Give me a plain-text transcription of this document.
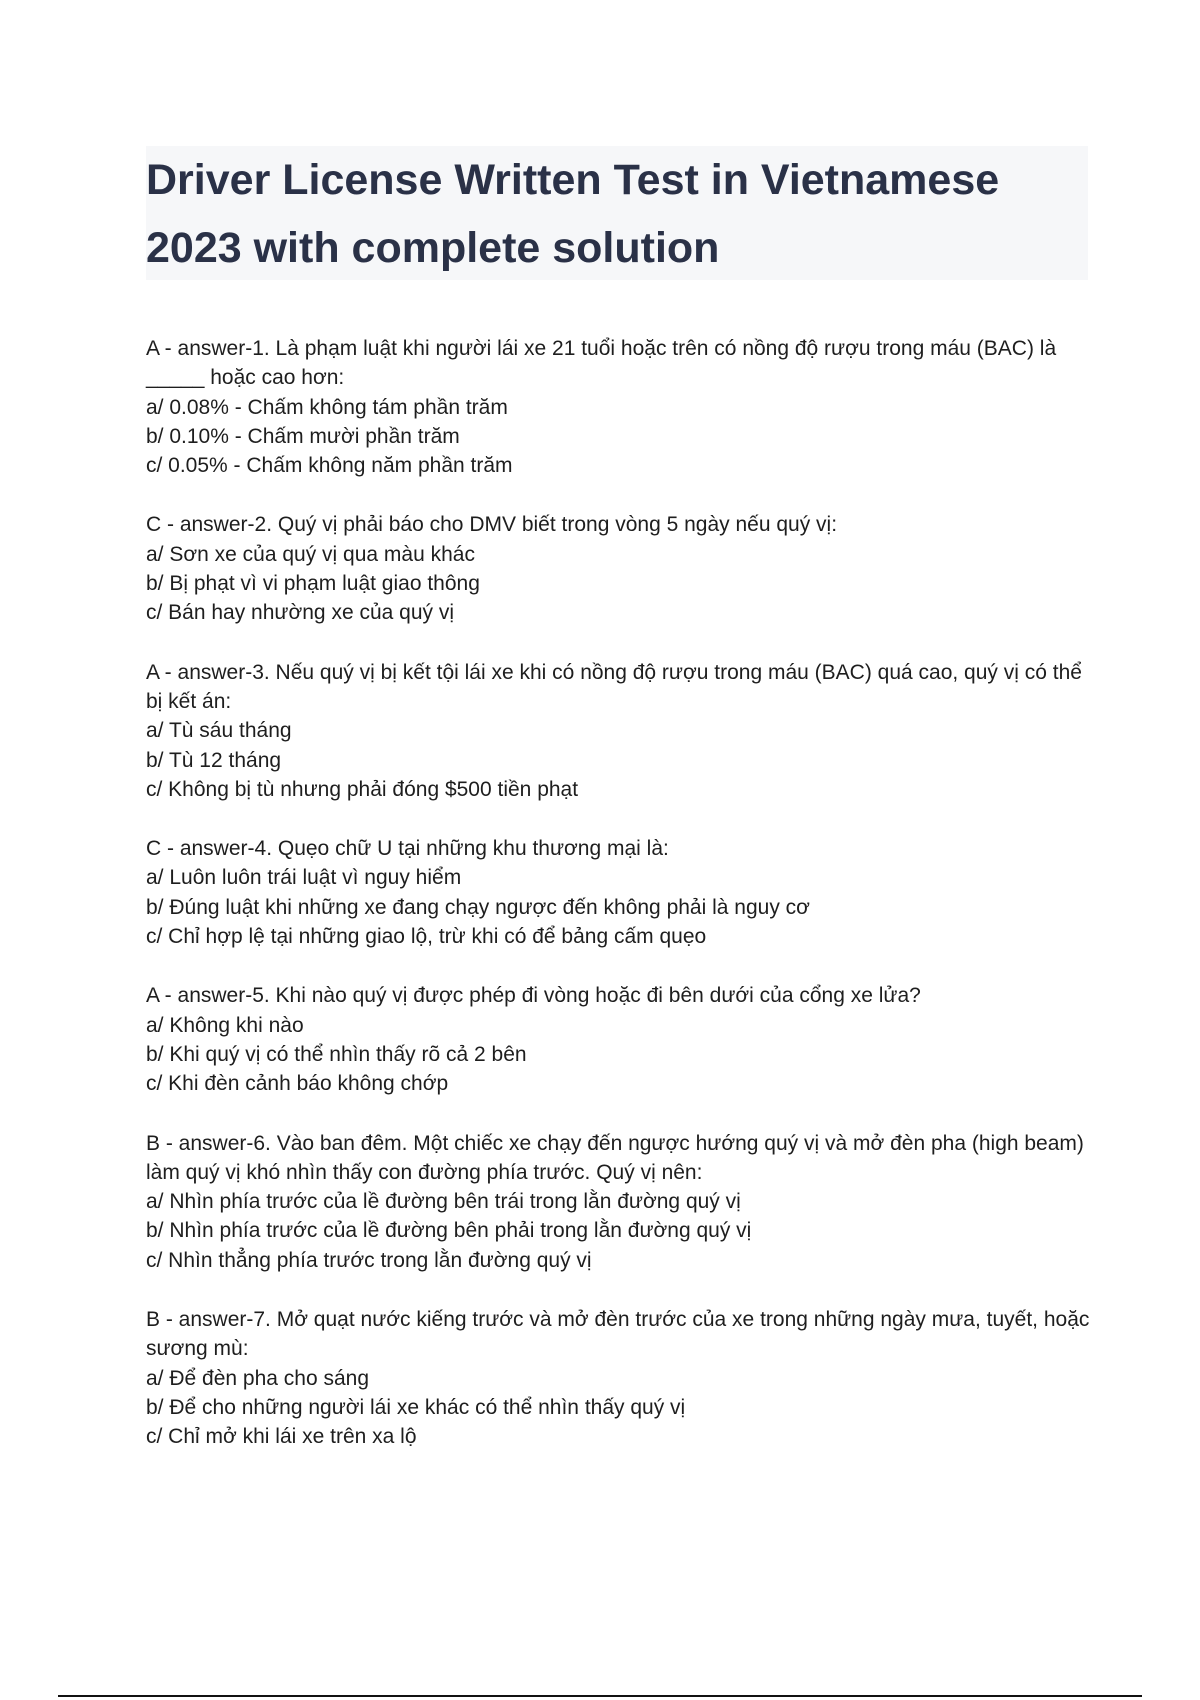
Driver License Written Test in Vietnamese 2023 with complete solution

A - answer-1. Là phạm luật khi người lái xe 21 tuổi hoặc trên có nồng độ rượu trong máu (BAC) là _____ hoặc cao hơn:

a/ 0.08% - Chấm không tám phần trăm

b/ 0.10% - Chấm mười phần trăm

c/ 0.05% - Chấm không năm phần trăm

C - answer-2. Quý vị phải báo cho DMV biết trong vòng 5 ngày nếu quý vị:

a/ Sơn xe của quý vị qua màu khác

b/ Bị phạt vì vi phạm luật giao thông

c/ Bán hay nhường xe của quý vị

A - answer-3. Nếu quý vị bị kết tội lái xe khi có nồng độ rượu trong máu (BAC) quá cao, quý vị có thể bị kết án:

a/ Tù sáu tháng

b/ Tù 12 tháng

c/ Không bị tù nhưng phải đóng $500 tiền phạt

C - answer-4. Quẹo chữ U tại những khu thương mại là:

a/ Luôn luôn trái luật vì nguy hiểm

b/ Đúng luật khi những xe đang chạy ngược đến không phải là nguy cơ

c/ Chỉ hợp lệ tại những giao lộ, trừ khi có để bảng cấm quẹo

A - answer-5. Khi nào quý vị được phép đi vòng hoặc đi bên dưới của cổng xe lửa?

a/ Không khi nào

b/ Khi quý vị có thể nhìn thấy rõ cả 2 bên

c/ Khi đèn cảnh báo không chớp

B - answer-6. Vào ban đêm. Một chiếc xe chạy đến ngược hướng quý vị và mở đèn pha (high beam) làm quý vị khó nhìn thấy con đường phía trước. Quý vị nên:

a/ Nhìn phía trước của lề đường bên trái trong lằn đường quý vị

b/ Nhìn phía trước của lề đường bên phải trong lằn đường quý vị

c/ Nhìn thẳng phía trước trong lằn đường quý vị

B - answer-7. Mở quạt nước kiếng trước và mở đèn trước của xe trong những ngày mưa, tuyết, hoặc sương mù:

a/ Để đèn pha cho sáng

b/ Để cho những người lái xe khác có thể nhìn thấy quý vị

c/ Chỉ mở khi lái xe trên xa lộ
